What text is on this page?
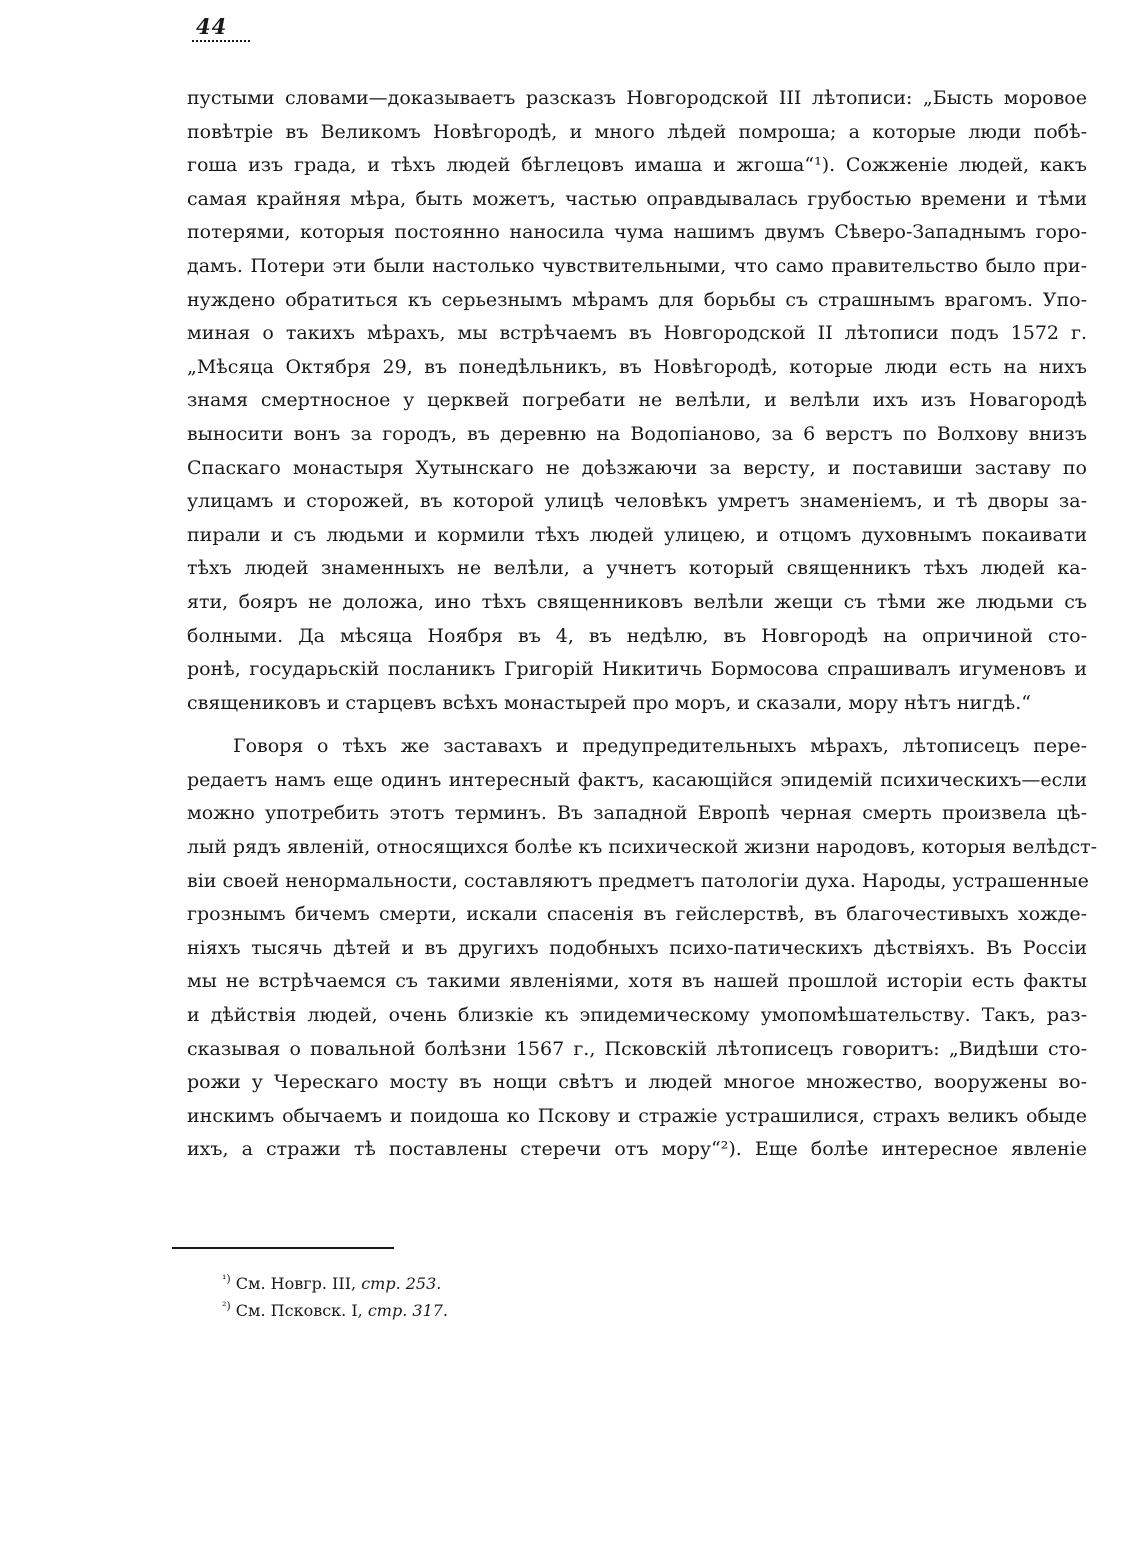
44
пустыми словами—доказываетъ разсказъ Новгородской III лѣтописи: „Бысть моровое
повѣтріе въ Великомъ Новѣгородѣ, и много лѣдей помроша; а которые люди побѣ-
гоша изъ града, и тѣхъ людей бѣглецовъ имаша и жгоша“¹). Сожженіе людей, какъ
самая крайняя мѣра, быть можетъ, частью оправдывалась грубостью времени и тѣми
потерями, которыя постоянно наносила чума нашимъ двумъ Сѣверо-Западнымъ горо-
дамъ. Потери эти были настолько чувствительными, что само правительство было при-
нуждено обратиться къ серьезнымъ мѣрамъ для борьбы съ страшнымъ врагомъ. Упо-
миная о такихъ мѣрахъ, мы встрѣчаемъ въ Новгородской II лѣтописи подъ 1572 г.
„Мѣсяца Октября 29, въ понедѣльникъ, въ Новѣгородѣ, которые люди есть на нихъ
знамя смертносное у церквей погребати не велѣли, и велѣли ихъ изъ Новагородѣ
выносити вонъ за городъ, въ деревню на Водопіаново, за 6 верстъ по Волхову внизъ
Спаскаго монастыря Хутынскаго не доѣзжаючи за версту, и поставиши заставу по
улицамъ и сторожей, въ которой улицѣ человѣкъ умретъ знаменіемъ, и тѣ дворы за-
пирали и съ людьми и кормили тѣхъ людей улицею, и отцомъ духовнымъ покаивати
тѣхъ людей знаменныхъ не велѣли, а учнетъ который священникъ тѣхъ людей ка-
яти, бояръ не доложа, ино тѣхъ священниковъ велѣли жещи съ тѣми же людьми съ
болными. Да мѣсяца Ноября въ 4, въ недѣлю, въ Новгородѣ на опричиной сто-
ронѣ, государьскій посланикъ Григорій Никитичь Бормосова спрашивалъ игуменовъ и
священиковъ и старцевъ всѣхъ монастырей про моръ, и сказали, мору нѣтъ нигдѣ.“
Говоря о тѣхъ же заставахъ и предупредительныхъ мѣрахъ, лѣтописецъ пере-
редаетъ намъ еще одинъ интересный фактъ, касающійся эпидемій психическихъ—если
можно употребить этотъ терминъ. Въ западной Европѣ черная смерть произвела цѣ-
лый рядъ явленій, относящихся болѣе къ психической жизни народовъ, которыя велѣдст-
віи своей ненормальности, составляютъ предметъ патологіи духа. Народы, устрашенные
грознымъ бичемъ смерти, искали спасенія въ гейслерствѣ, въ благочестивыхъ хожде-
ніяхъ тысячь дѣтей и въ другихъ подобныхъ психо-патическихъ дѣствіяхъ. Въ Россіи
мы не встрѣчаемся съ такими явленіями, хотя въ нашей прошлой исторіи есть факты
и дѣйствія людей, очень близкіе къ эпидемическому умопомѣшательству. Такъ, раз-
сказывая о повальной болѣзни 1567 г., Псковскій лѣтописецъ говоритъ: „Видѣши сто-
рожи у Черескаго мосту въ нощи свѣтъ и людей многое множество, вооружены во-
инскимъ обычаемъ и поидоша ко Пскову и стражіе устрашилися, страхъ великъ обыде
ихъ, а стражи тѣ поставлены стеречи отъ мору“²). Еще болѣе интересное явленіе
$^{^1)}$ См. Новгр. III, стр. 253.
$^{^2)}$ См. Псковск. I, стр. 317.
